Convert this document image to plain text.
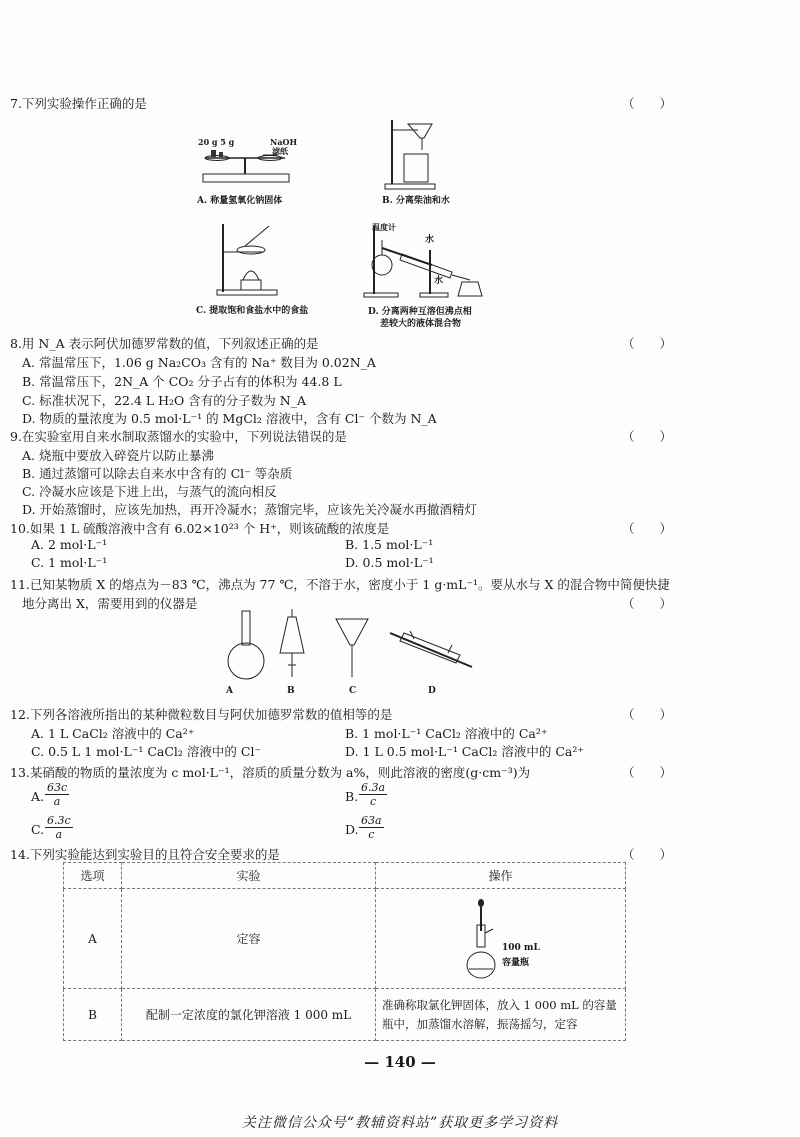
7.下列实验操作正确的是	（　　）
20 g 5 g	NaOH
滤纸
A. 称量氢氧化钠固体	B. 分离柴油和水
C. 提取饱和食盐水中的食盐
温度计
水
水
D. 分离两种互溶但沸点相
差较大的液体混合物
8.用 N_A 表示阿伏加德罗常数的值，下列叙述正确的是	（　　）
A. 常温常压下，1.06 g Na₂CO₃ 含有的 Na⁺ 数目为 0.02N_A
B. 常温常压下，2N_A 个 CO₂ 分子占有的体积为 44.8 L
C. 标准状况下，22.4 L H₂O 含有的分子数为 N_A
D. 物质的量浓度为 0.5 mol·L⁻¹ 的 MgCl₂ 溶液中，含有 Cl⁻ 个数为 N_A
9.在实验室用自来水制取蒸馏水的实验中，下列说法错误的是	（　　）
A. 烧瓶中要放入碎瓷片以防止暴沸
B. 通过蒸馏可以除去自来水中含有的 Cl⁻ 等杂质
C. 冷凝水应该是下进上出，与蒸气的流向相反
D. 开始蒸馏时，应该先加热，再开冷凝水；蒸馏完毕，应该先关冷凝水再撤酒精灯
10.如果 1 L 硫酸溶液中含有 6.02×10²³ 个 H⁺，则该硫酸的浓度是	（　　）
A. 2 mol·L⁻¹	B. 1.5 mol·L⁻¹
C. 1 mol·L⁻¹	D. 0.5 mol·L⁻¹
11.已知某物质 X 的熔点为－83 ℃，沸点为 77 ℃，不溶于水，密度小于 1 g·mL⁻¹。要从水与 X 的混合物中简便快捷
地分离出 X，需要用到的仪器是	（　　）
A	B	C	D
12.下列各溶液所指出的某种微粒数目与阿伏加德罗常数的值相等的是	（　　）
A. 1 L CaCl₂ 溶液中的 Ca²⁺	B. 1 mol·L⁻¹ CaCl₂ 溶液中的 Ca²⁺
C. 0.5 L 1 mol·L⁻¹ CaCl₂ 溶液中的 Cl⁻	D. 1 L 0.5 mol·L⁻¹ CaCl₂ 溶液中的 Ca²⁺
13.某硝酸的物质的量浓度为 c mol·L⁻¹，溶质的质量分数为 a%，则此溶液的密度(g·cm⁻³)为	（　　）
A. $\frac{63c}{a}$	B. $\frac{6.3a}{c}$
C. $\frac{6.3c}{a}$	D. $\frac{63a}{c}$
14.下列实验能达到实验目的且符合安全要求的是	（　　）
选项	实验	操作
A	定容	100 mL
容量瓶

B	配制一定浓度的氯化钾溶液 1 000 mL	准确称取氯化钾固体，放入 1 000 mL 的容量
瓶中，加蒸馏水溶解，振荡摇匀，定容
— 140 —
关注微信公众号“教辅资料站”获取更多学习资料
